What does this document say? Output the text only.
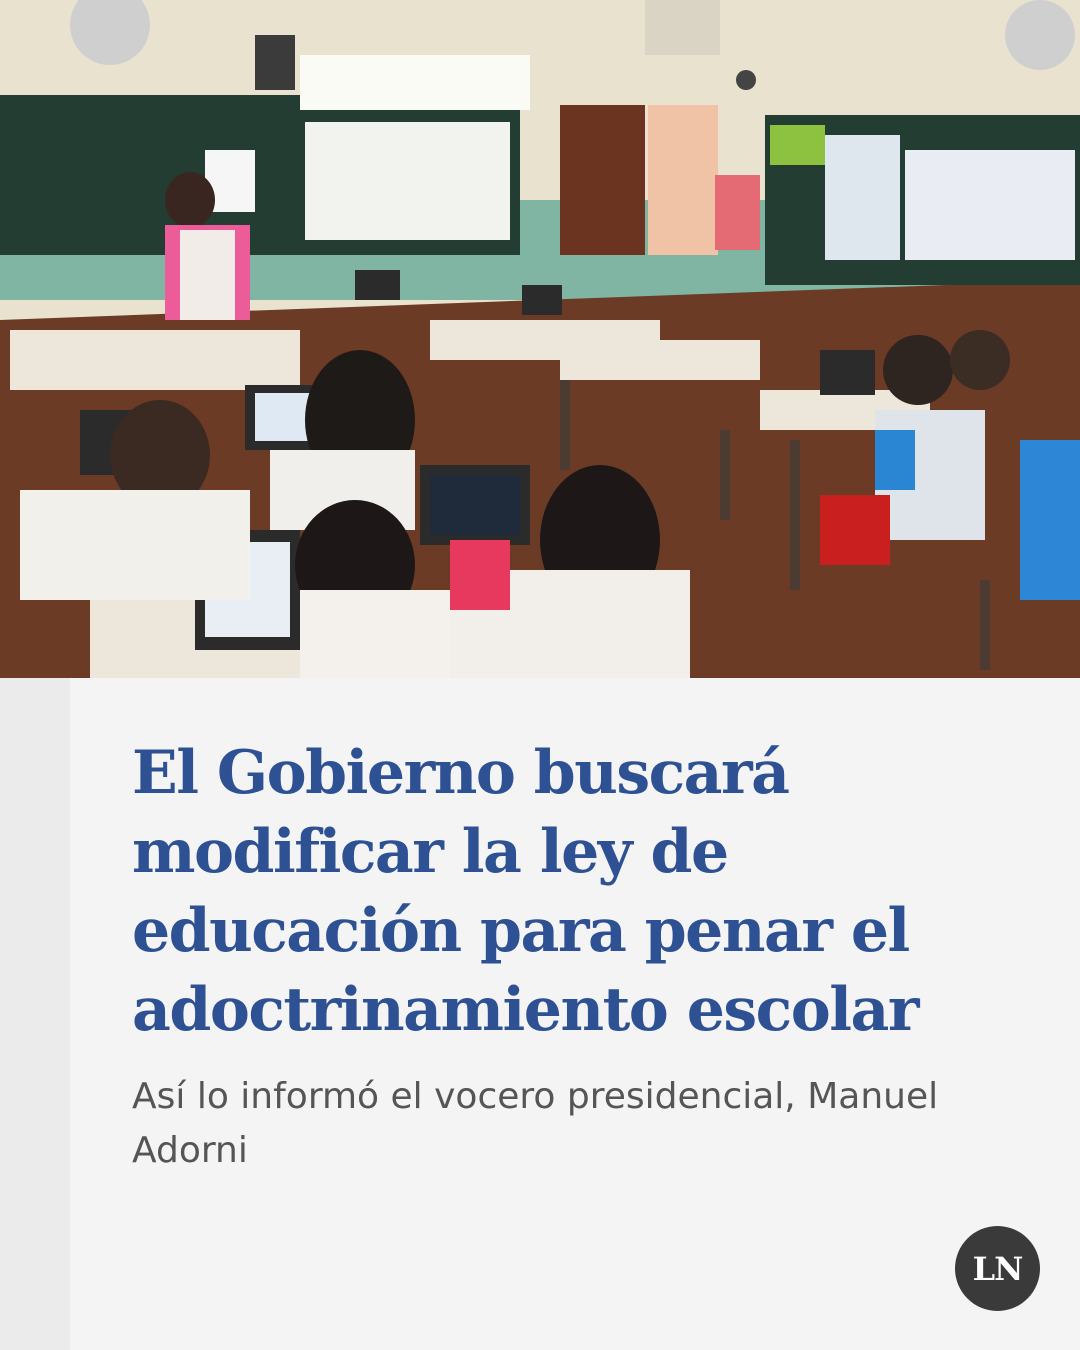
El Gobierno buscará modificar la ley de educación para penar el adoctrinamiento escolar

Así lo informó el vocero presidencial, Manuel Adorni

LN
